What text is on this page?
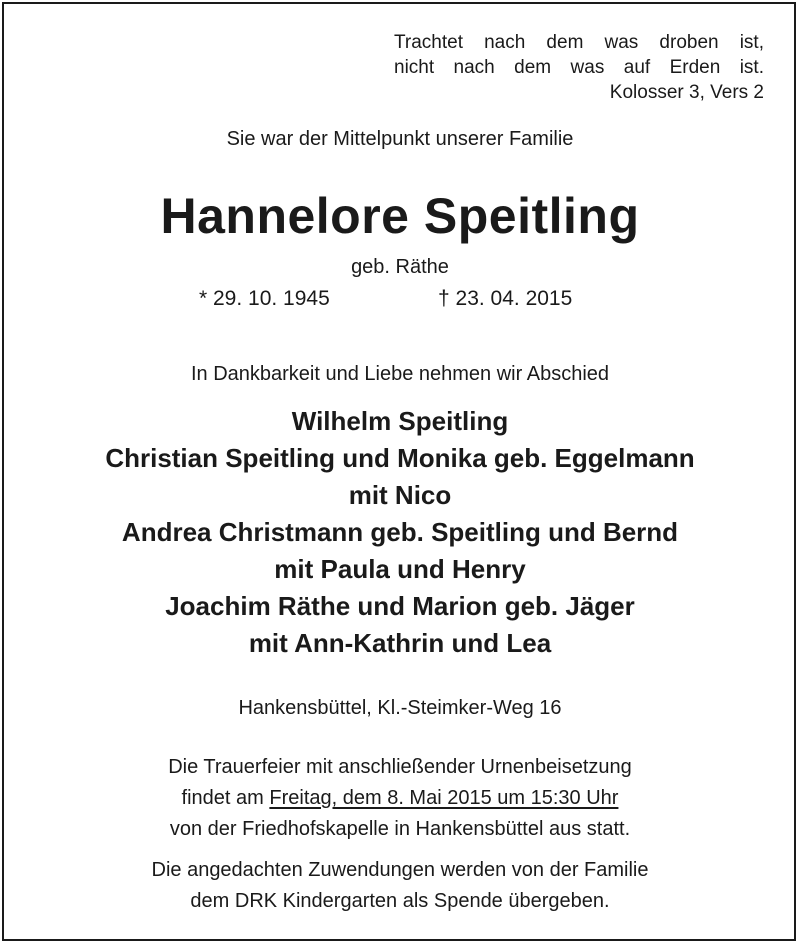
Trachtet nach dem was droben ist,
nicht nach dem was auf Erden ist.
Kolosser 3, Vers 2
Sie war der Mittelpunkt unserer Familie
Hannelore Speitling
geb. Räthe
* 29. 10. 1945	† 23. 04. 2015
In Dankbarkeit und Liebe nehmen wir Abschied
Wilhelm Speitling
Christian Speitling und Monika geb. Eggelmann
mit Nico
Andrea Christmann geb. Speitling und Bernd
mit Paula und Henry
Joachim Räthe und Marion geb. Jäger
mit Ann-Kathrin und Lea
Hankensbüttel, Kl.-Steimker-Weg 16
Die Trauerfeier mit anschließender Urnenbeisetzung
findet am Freitag, dem 8. Mai 2015 um 15:30 Uhr
von der Friedhofskapelle in Hankensbüttel aus statt.
Die angedachten Zuwendungen werden von der Familie
dem DRK Kindergarten als Spende übergeben.
